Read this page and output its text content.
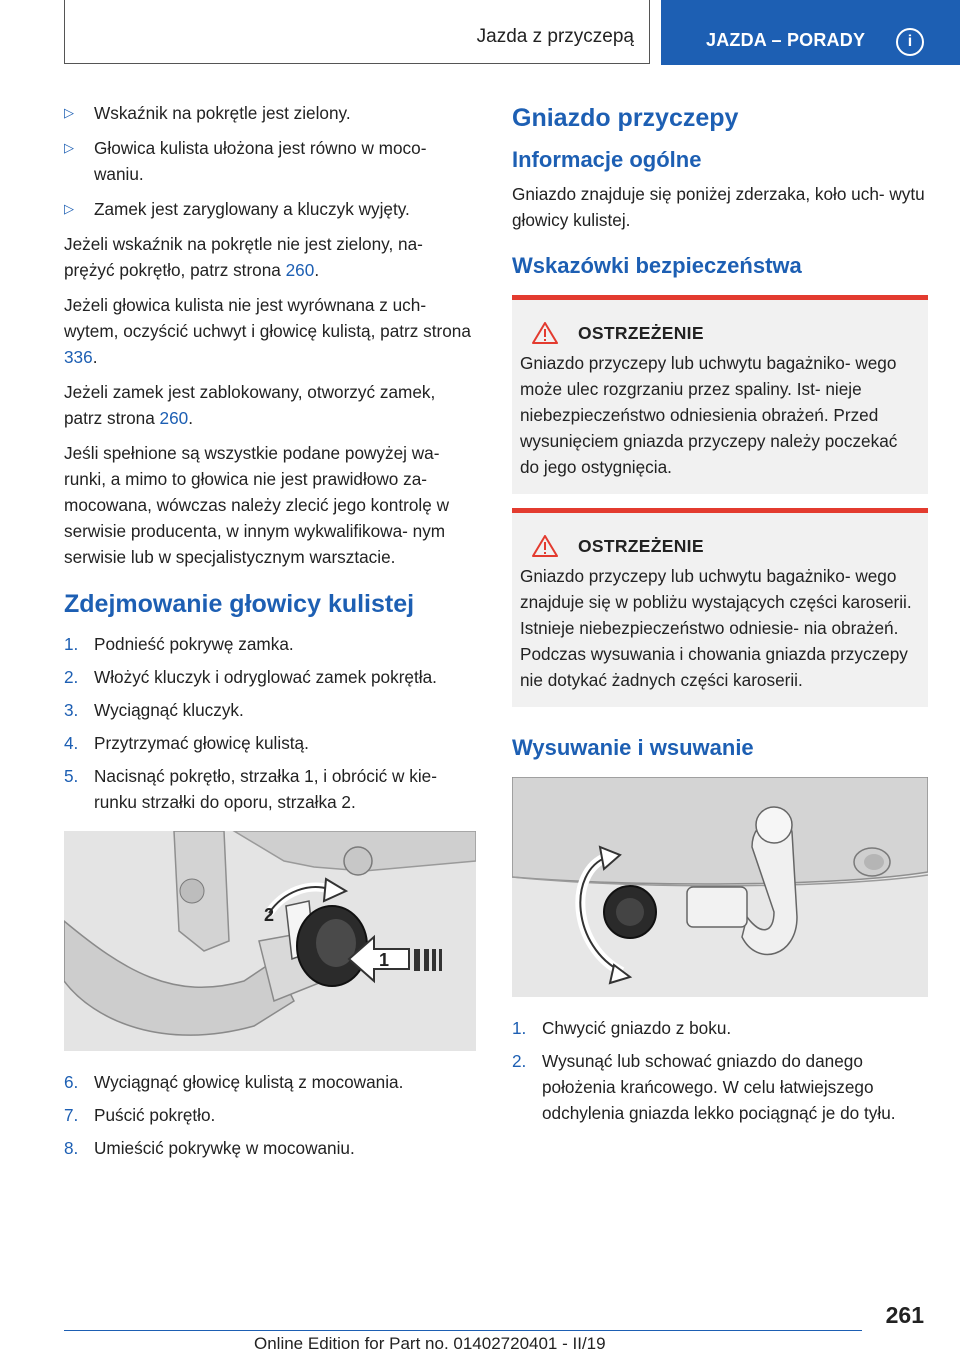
Jazda z przyczepą	JAZDA – PORADY	i
▷ Wskaźnik na pokrętle jest zielony.
▷ Głowica kulista ułożona jest równo w moco- waniu.
▷ Zamek jest zaryglowany a kluczyk wyjęty.

Jeżeli wskaźnik na pokrętle nie jest zielony, na- prężyć pokrętło, patrz strona 260.

Jeżeli głowica kulista nie jest wyrównana z uch- wytem, oczyścić uchwyt i głowicę kulistą, patrz strona 336.

Jeżeli zamek jest zablokowany, otworzyć zamek, patrz strona 260.

Jeśli spełnione są wszystkie podane powyżej wa- runki, a mimo to głowica nie jest prawidłowo za- mocowana, wówczas należy zlecić jego kontrolę w serwisie producenta, w innym wykwalifikowa- nym serwisie lub w specjalistycznym warsztacie.

Zdejmowanie głowicy kulistej
1. Podnieść pokrywę zamka.
2. Włożyć kluczyk i odryglować zamek pokrętła.
3. Wyciągnąć kluczyk.
4. Przytrzymać głowicę kulistą.
5. Nacisnąć pokrętło, strzałka 1, i obrócić w kie- runku strzałki do oporu, strzałka 2.
2
1
6. Wyciągnąć głowicę kulistą z mocowania.
7. Puścić pokrętło.
8. Umieścić pokrywkę w mocowaniu.
Gniazdo przyczepy
Informacje ogólne

Gniazdo znajduje się poniżej zderzaka, koło uch- wytu głowicy kulistej.

Wskazówki bezpieczeństwa
OSTRZEŻENIE

Gniazdo przyczepy lub uchwytu bagażniko- wego może ulec rozgrzaniu przez spaliny. Ist- nieje niebezpieczeństwo odniesienia obrażeń. Przed wysunięciem gniazda przyczepy należy poczekać do jego ostygnięcia.

OSTRZEŻENIE

Gniazdo przyczepy lub uchwytu bagażniko- wego znajduje się w pobliżu wystających części karoserii. Istnieje niebezpieczeństwo odniesie- nia obrażeń. Podczas wysuwania i chowania gniazda przyczepy nie dotykać żadnych części karoserii.

Wysuwanie i wsuwanie
1. Chwycić gniazdo z boku.
2. Wysunąć lub schować gniazdo do danego położenia krańcowego. W celu łatwiejszego odchylenia gniazda lekko pociągnąć je do tyłu.
261
Online Edition for Part no. 01402720401 - II/19
